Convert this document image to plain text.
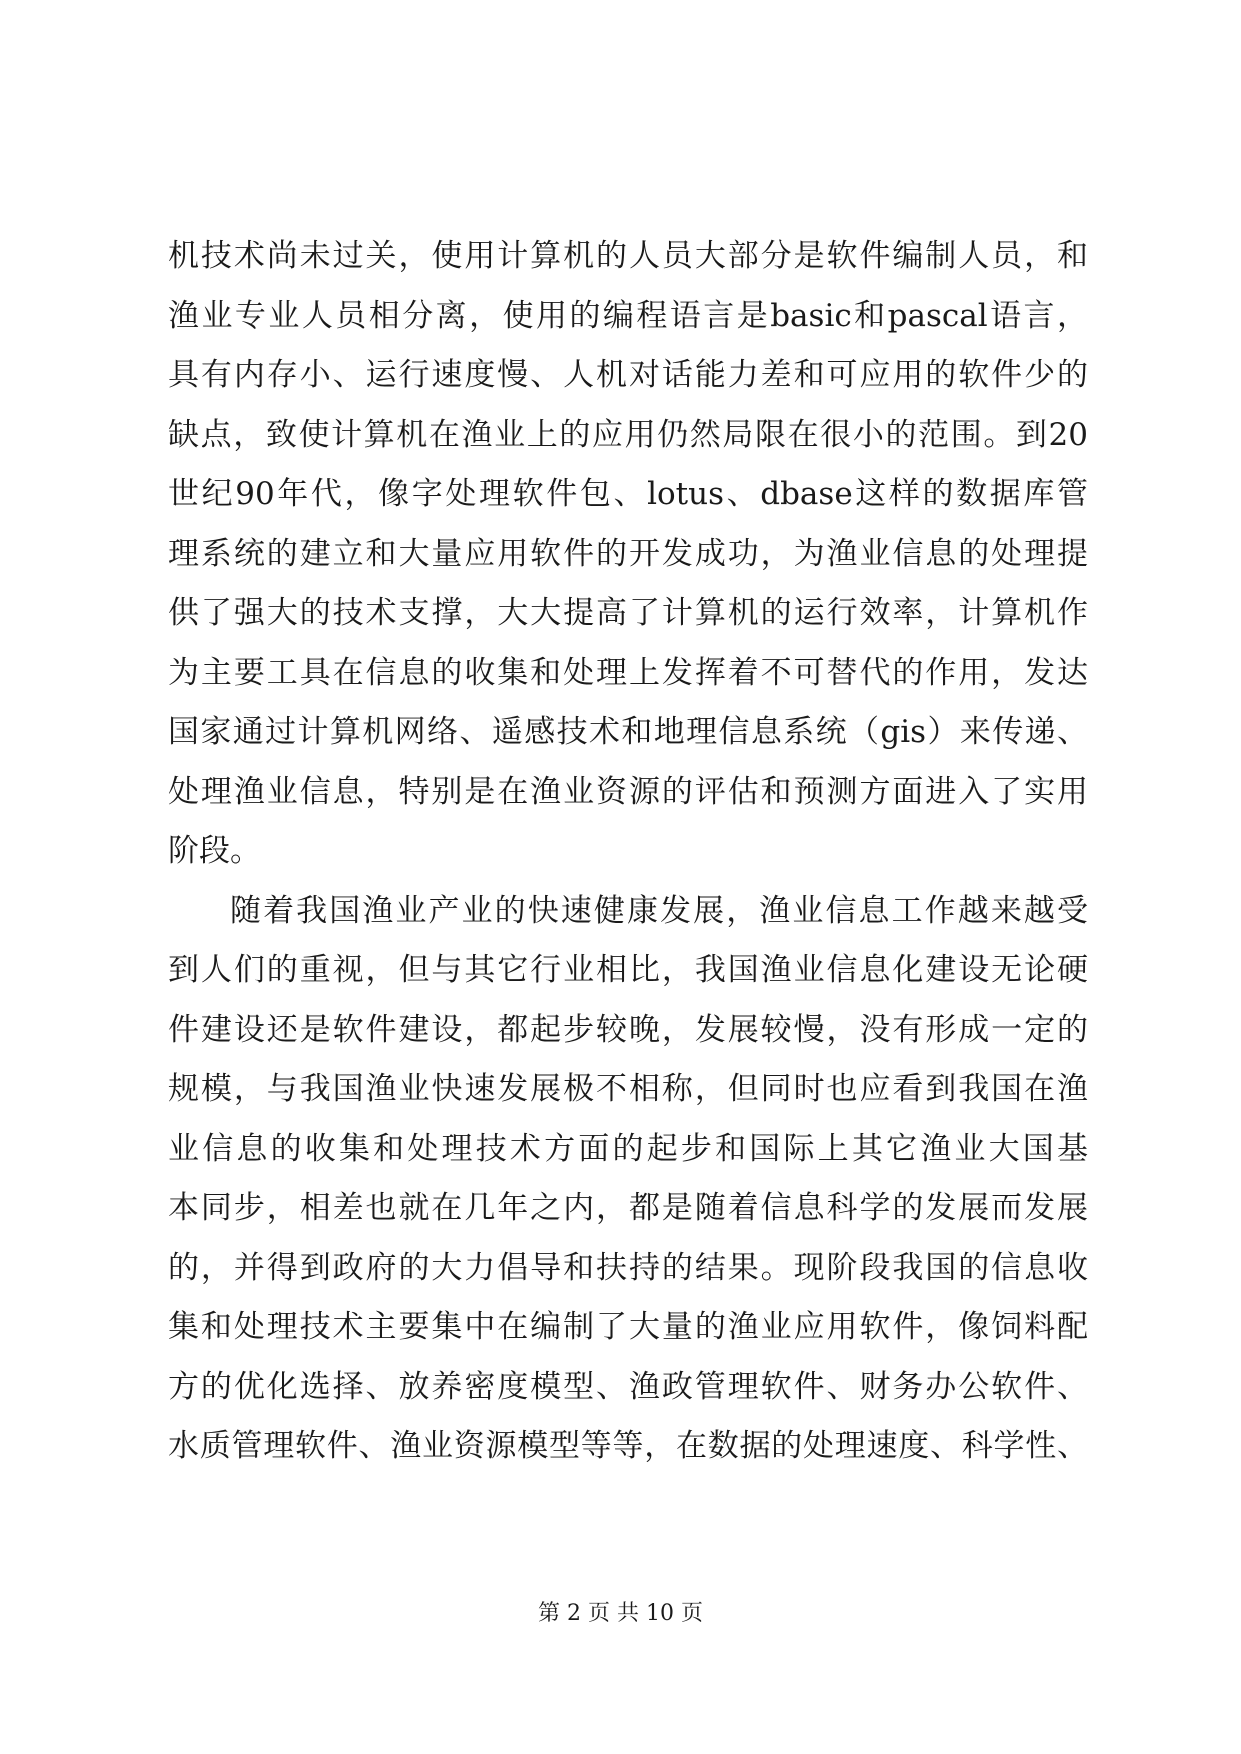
机技术尚未过关，使用计算机的人员大部分是软件编制人员，和
渔业专业人员相分离，使用的编程语言是basic和pascal语言，
具有内存小、运行速度慢、人机对话能力差和可应用的软件少的
缺点，致使计算机在渔业上的应用仍然局限在很小的范围。到20
世纪90年代，像字处理软件包、lotus、dbase这样的数据库管
理系统的建立和大量应用软件的开发成功，为渔业信息的处理提
供了强大的技术支撑，大大提高了计算机的运行效率，计算机作
为主要工具在信息的收集和处理上发挥着不可替代的作用，发达
国家通过计算机网络、遥感技术和地理信息系统（gis）来传递、
处理渔业信息，特别是在渔业资源的评估和预测方面进入了实用
阶段。
随着我国渔业产业的快速健康发展，渔业信息工作越来越受
到人们的重视，但与其它行业相比，我国渔业信息化建设无论硬
件建设还是软件建设，都起步较晚，发展较慢，没有形成一定的
规模，与我国渔业快速发展极不相称，但同时也应看到我国在渔
业信息的收集和处理技术方面的起步和国际上其它渔业大国基
本同步，相差也就在几年之内，都是随着信息科学的发展而发展
的，并得到政府的大力倡导和扶持的结果。现阶段我国的信息收
集和处理技术主要集中在编制了大量的渔业应用软件，像饲料配
方的优化选择、放养密度模型、渔政管理软件、财务办公软件、
水质管理软件、渔业资源模型等等，在数据的处理速度、科学性、
第 2 页 共 10 页
